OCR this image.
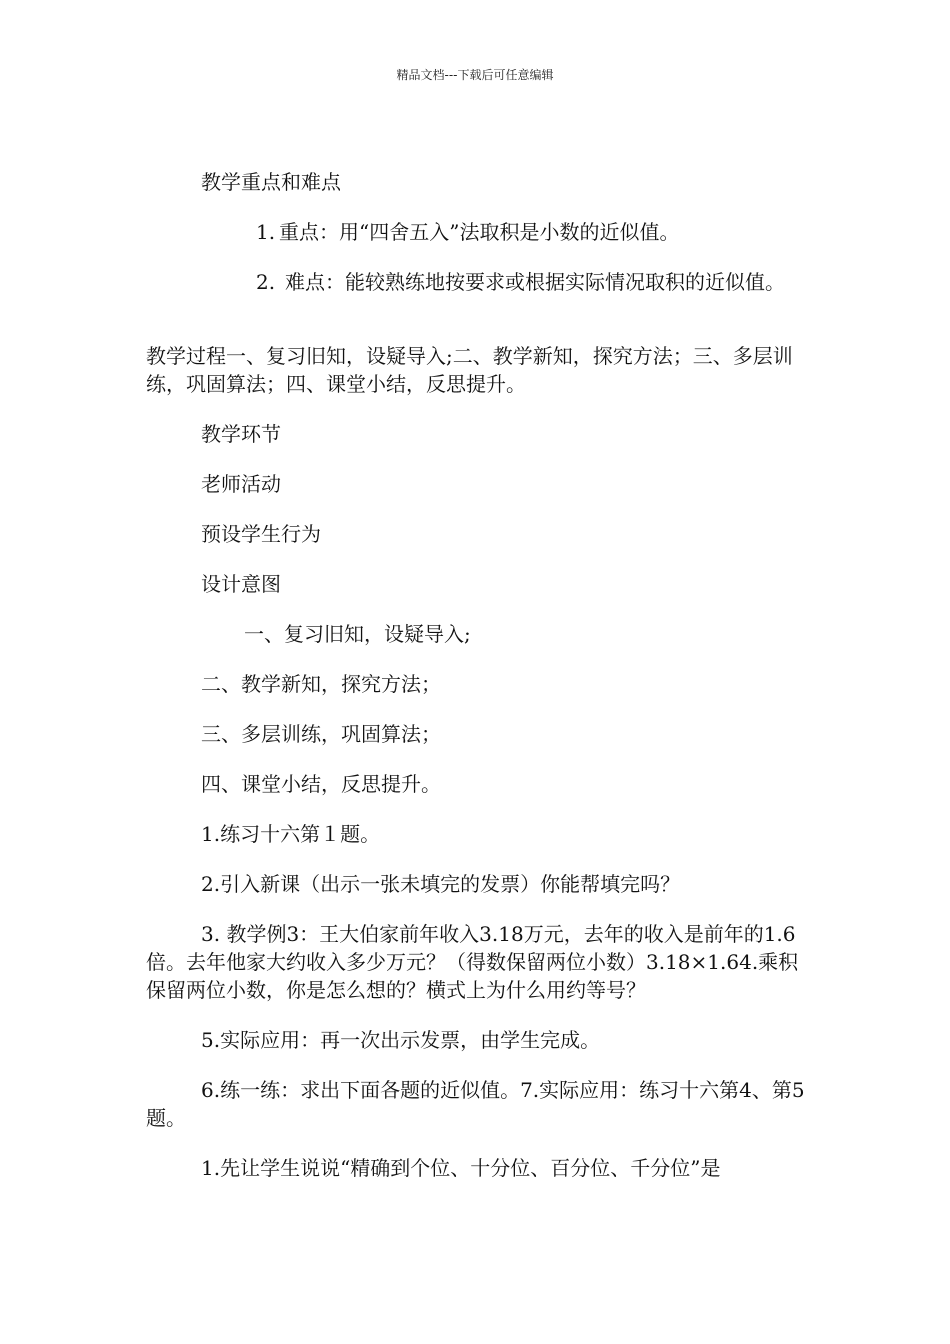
精品文档---下载后可任意编辑

教学重点和难点

1. 重点：用“四舍五入”法取积是小数的近似值。

2. 难点：能较熟练地按要求或根据实际情况取积的近似值。

教学过程一、复习旧知，设疑导入;二、教学新知，探究方法；三、多层训练，巩固算法；四、课堂小结，反思提升。

教学环节

老师活动

预设学生行为

设计意图

一、复习旧知，设疑导入;

二、教学新知，探究方法；

三、多层训练，巩固算法；

四、课堂小结，反思提升。

1.练习十六第１题。

2.引入新课（出示一张未填完的发票）你能帮填完吗？

3. 教学例3：王大伯家前年收入3.18万元，去年的收入是前年的1.6倍。去年他家大约收入多少万元？（得数保留两位小数）3.18×1.64.乘积保留两位小数，你是怎么想的？横式上为什么用约等号？

5.实际应用：再一次出示发票，由学生完成。

6.练一练：求出下面各题的近似值。7.实际应用：练习十六第4、第5题。

1.先让学生说说“精确到个位、十分位、百分位、千分位”是
